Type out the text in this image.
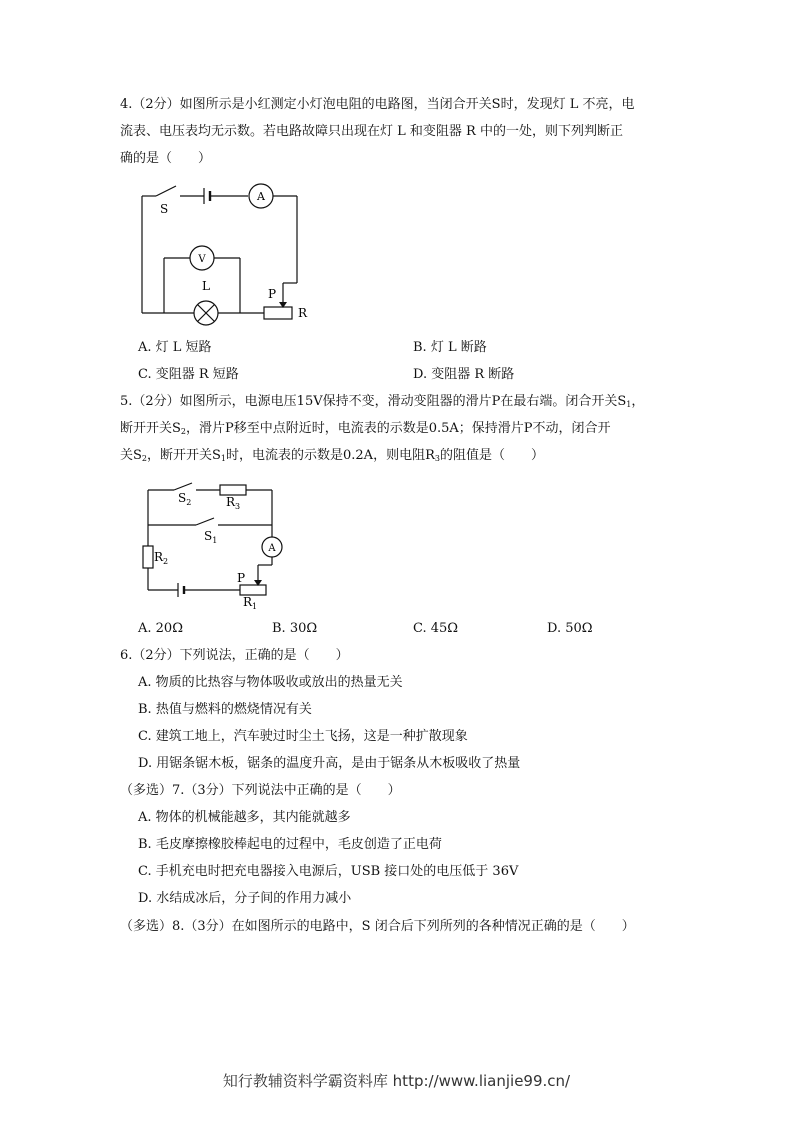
4.（2分）如图所示是小红测定小灯泡电阻的电路图，当闭合开关S时，发现灯 L 不亮，电
流表、电压表均无示数。若电路故障只出现在灯 L 和变阻器 R 中的一处，则下列判断正
确的是（　　）
S
A
V
L
P
R
A. 灯 L 短路	B. 灯 L 断路
C. 变阻器 R 短路	D. 变阻器 R 断路
5.（2分）如图所示，电源电压15V保持不变，滑动变阻器的滑片P在最右端。闭合开关$S_1$，
断开开关$S_2$，滑片P移至中点附近时，电流表的示数是0.5A；保持滑片P不动，闭合开
关$S_2$，断开开关$S_1$时，电流表的示数是0.2A，则电阻$R_3$的阻值是（　　）
$S_2$	$R_3$
$S_1$
$R_2$
A
P
$R_1$
A. 20Ω	B. 30Ω	C. 45Ω	D. 50Ω
6.（2分）下列说法，正确的是（　　）
A. 物质的比热容与物体吸收或放出的热量无关
B. 热值与燃料的燃烧情况有关
C. 建筑工地上，汽车驶过时尘土飞扬，这是一种扩散现象
D. 用锯条锯木板，锯条的温度升高，是由于锯条从木板吸收了热量
（多选）7.（3分）下列说法中正确的是（　　）
A. 物体的机械能越多，其内能就越多
B. 毛皮摩擦橡胶棒起电的过程中，毛皮创造了正电荷
C. 手机充电时把充电器接入电源后，USB 接口处的电压低于 36V
D. 水结成冰后，分子间的作用力减小
（多选）8.（3分）在如图所示的电路中，S 闭合后下列所列的各种情况正确的是（　　）
知行教辅资料学霸资料库 http://www.lianjie99.cn/
